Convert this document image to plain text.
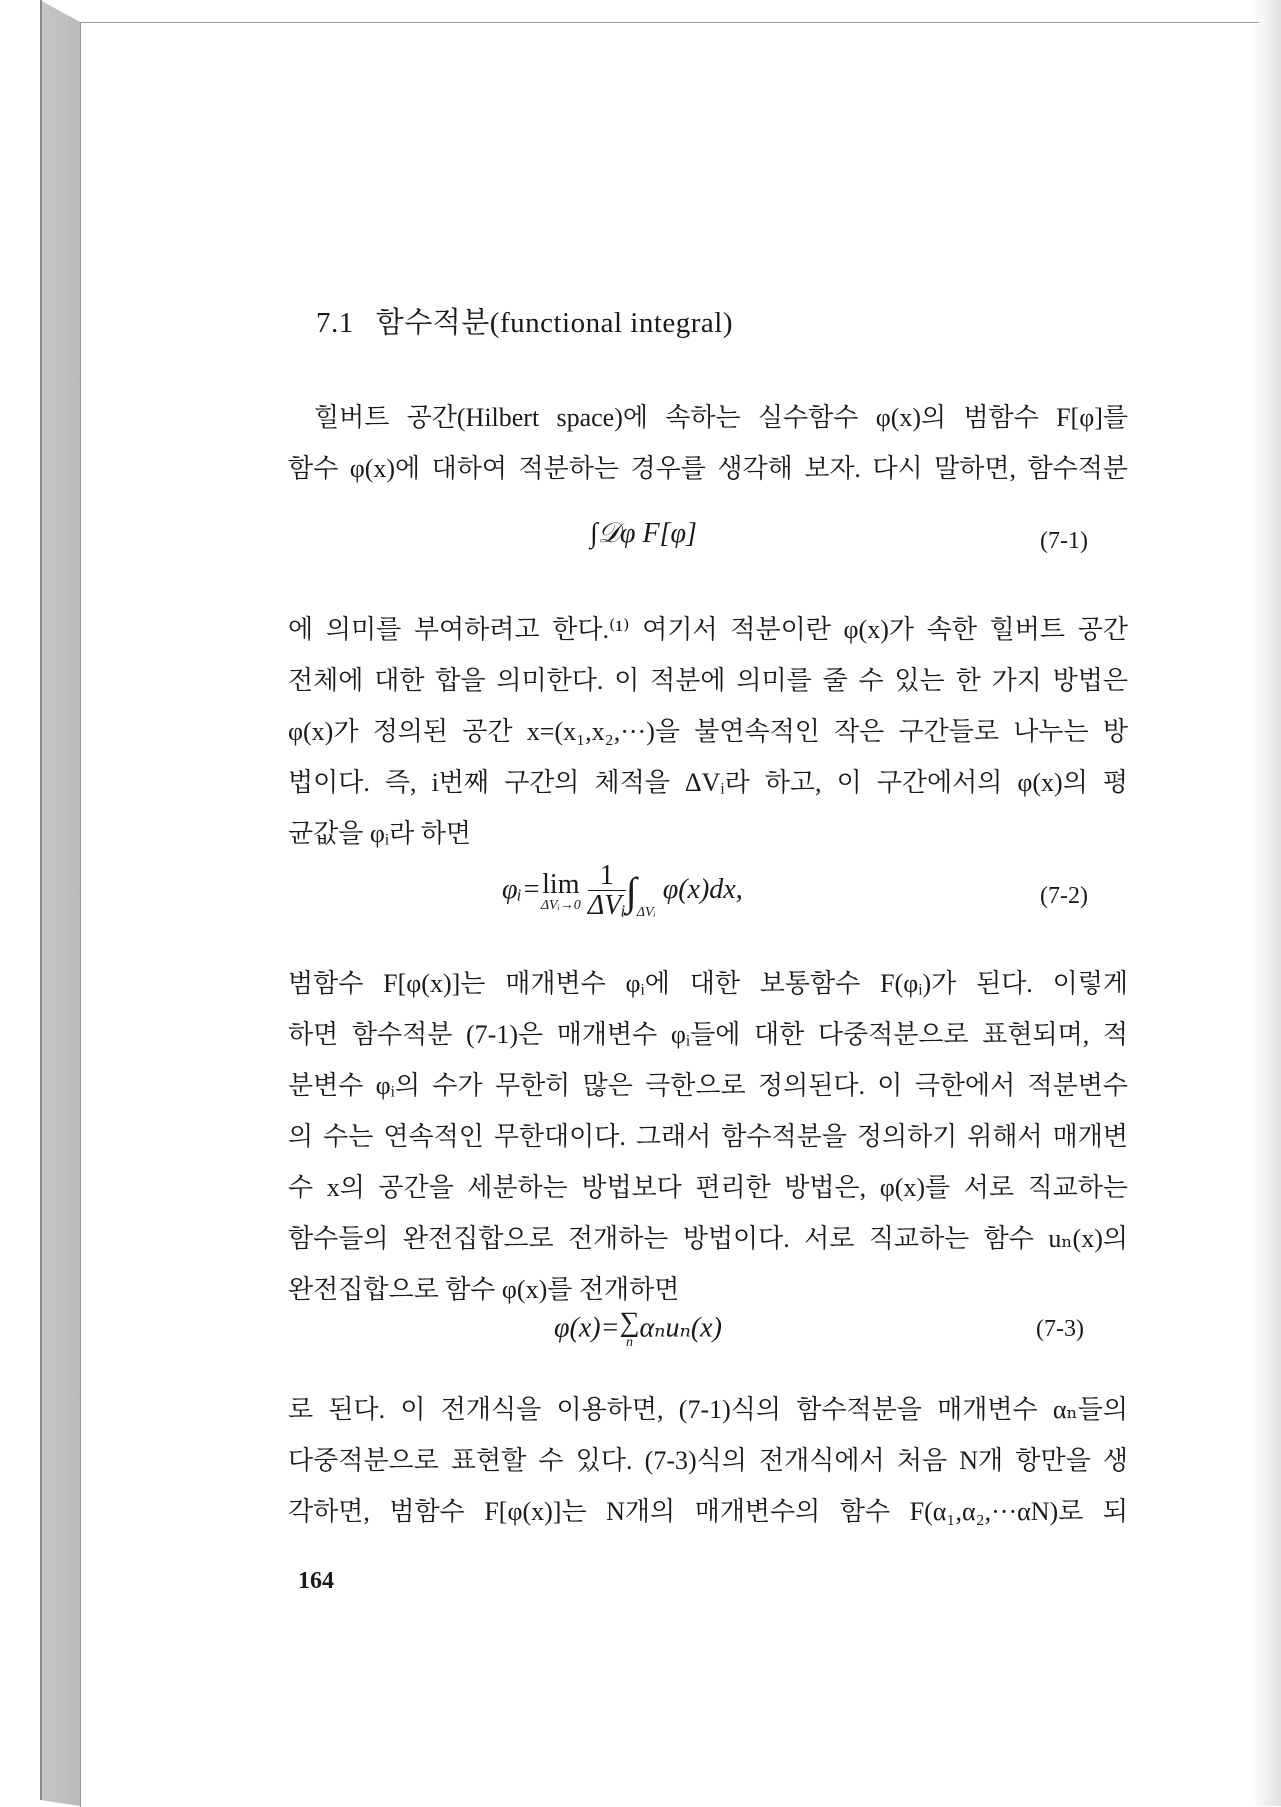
7.1 함수적분(functional integral)
힐버트 공간(Hilbert space)에 속하는 실수함수 φ(x)의 범함수 F[φ]를
함수 φ(x)에 대하여 적분하는 경우를 생각해 보자. 다시 말하면, 함수적분
∫𝒟φ F[φ]	(7-1)
에 의미를 부여하려고 한다.⁽¹⁾ 여기서 적분이란 φ(x)가 속한 힐버트 공간
전체에 대한 합을 의미한다. 이 적분에 의미를 줄 수 있는 한 가지 방법은
φ(x)가 정의된 공간 x=(x₁,x₂,···)을 불연속적인 작은 구간들로 나누는 방
법이다. 즉, i번째 구간의 체적을 ΔVᵢ라 하고, 이 구간에서의 φ(x)의 평
균값을 φᵢ라 하면
φᵢ= lim
ΔVᵢ→0
$\frac{1}{\text{ΔVᵢ}} \int_{\Delta Vᵢ}$ φ(x)dx,	(7-2)
범함수 F[φ(x)]는 매개변수 φᵢ에 대한 보통함수 F(φᵢ)가 된다. 이렇게
하면 함수적분 (7-1)은 매개변수 φᵢ들에 대한 다중적분으로 표현되며, 적
분변수 φᵢ의 수가 무한히 많은 극한으로 정의된다. 이 극한에서 적분변수
의 수는 연속적인 무한대이다. 그래서 함수적분을 정의하기 위해서 매개변
수 x의 공간을 세분하는 방법보다 편리한 방법은, φ(x)를 서로 직교하는
함수들의 완전집합으로 전개하는 방법이다. 서로 직교하는 함수 uₙ(x)의
완전집합으로 함수 φ(x)를 전개하면
φ(x)= ∑
n αₙuₙ(x)	(7-3)
로 된다. 이 전개식을 이용하면, (7-1)식의 함수적분을 매개변수 αₙ들의
다중적분으로 표현할 수 있다. (7-3)식의 전개식에서 처음 N개 항만을 생
각하면, 범함수 F[φ(x)]는 N개의 매개변수의 함수 F(α₁,α₂,···αN)로 되
164
